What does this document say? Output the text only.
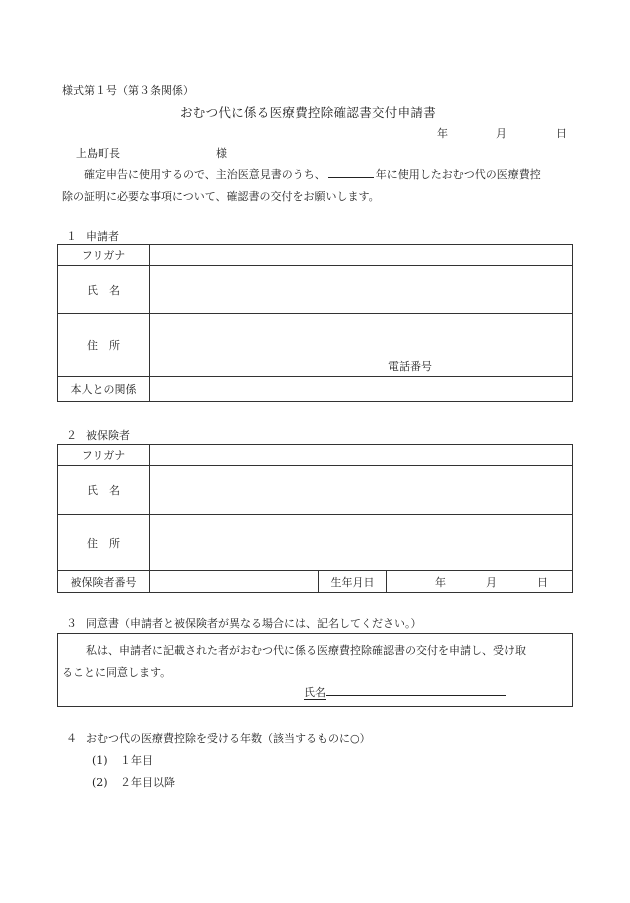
様式第１号（第３条関係）
おむつ代に係る医療費控除確認書交付申請書
年	月	日
上島町長	様
確定申告に使用するので、主治医意見書のうち、	年に使用したおむつ代の医療費控
除の証明に必要な事項について、確認書の交付をお願いします。
１ 申請者
フリガナ	
氏　名	
住　所	電話番号

本人との関係	
２ 被保険者
フリガナ			
氏　名			
住　所			
被保険者番号		生年月日	年 月 日
３ 同意書（申請者と被保険者が異なる場合には、記名してください。）
私は、申請者に記載された者がおむつ代に係る医療費控除確認書の交付を申請し、受け取
ることに同意します。
氏名
４ おむつ代の医療費控除を受ける年数（該当するものに○）
(1) １年目
(2) ２年目以降
